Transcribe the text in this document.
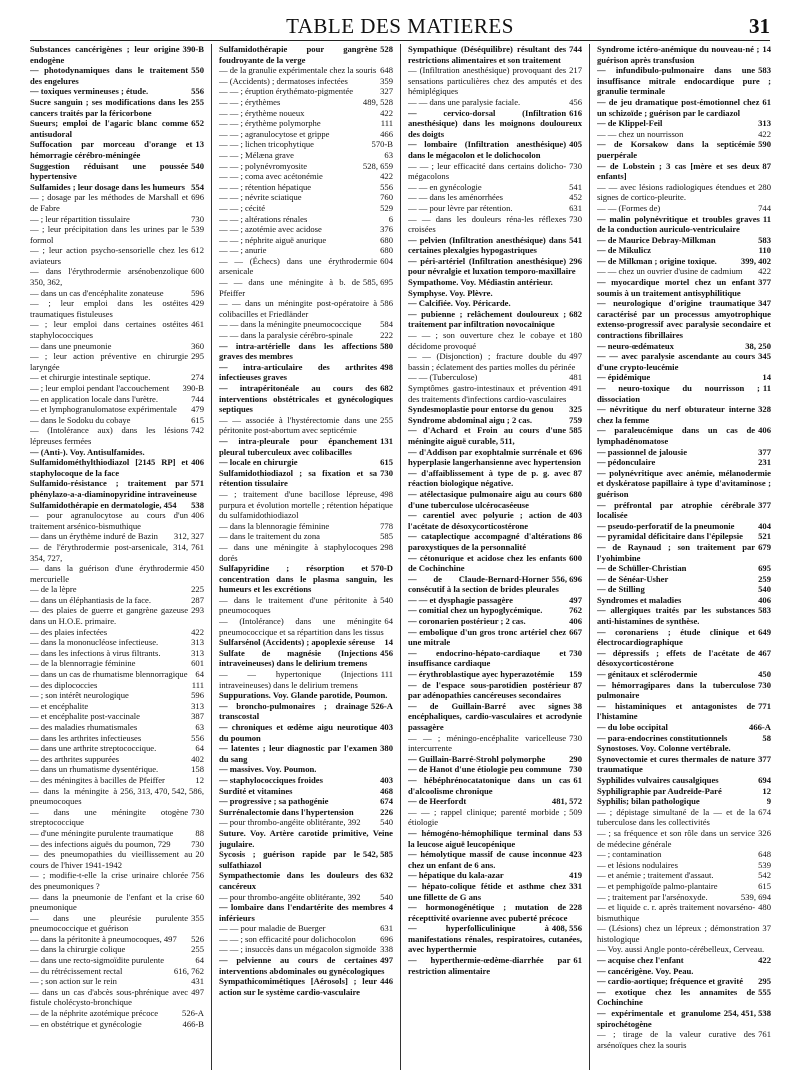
TABLE DES MATIERES	31
390-B
Substances cancérigènes ; leur origine endogène
550
— photodynamiques dans le traitement des engelures
556
— toxiques vermineuses ; étude.
255
Sucre sanguin ; ses modifications dans les cancers traités par la féricorbone
652
Sueurs; emploi de l'agaric blanc comme antisudoral
13
Suffocation par morceau d'orange et hémorragie cérébro-méningée
540
Suggestion réduisant une poussée hypertensive
554
Sulfamides ; leur dosage dans les humeurs
696
— ; dosage par les méthodes de Marshall et de Fabre
730
— ; leur répartition tissulaire
539
— ; leur précipitation dans les urines par le formol
612
— ; leur action psycho-sensorielle chez les aviateurs
600
— dans l'érythrodermie arsénobenzolique 350, 362,
596
— dans un cas d'encéphalite zonateuse
429
— ; leur emploi dans les ostéites traumatiques fistuleuses
461
— ; leur emploi dans certaines ostéites staphylococciques
360
— dans une pneumonie
295
— ; leur action préventive en chirurgie laryngée
274
— et chirurgie intestinale septique.
390-B
— ; leur emploi pendant l'accouchement
744
— en application locale dans l'urètre.
479
— et lymphogranulomatose expérimentale
615
— dans le Sodoku du cobaye
742
— (Intolérance aux) dans les lésions lépreuses fermées
— (Anti-). Voy. Antisulfamides.
406
Sulfamidométhylthiodiazol [2145 RP] et staphylocoque de la face
571
Sulfamido-résistance ; traitement par phénylazo-a-a-diaminopyridine intraveineuse
538
Sulfamidothérapie en dermatologie, 454
406
— pour agranulocytose au cours d'un traitement arsénico-bismuthique
312, 327
— dans un érythème induré de Bazin
761
— de l'érythrodermie post-arsenicale, 314, 354, 727,
450
— dans la guérison d'une érythrodermie mercurielle
225
— de la lèpre
287
— dans un éléphantiasis de la face.
293
— des plaies de guerre et gangrène gazeuse dans un H.O.E. primaire.
422
— des plaies infectées
313
— dans la mononucléose infectieuse.
313
— dans les infections à virus filtrants.
601
— de la blennorragie féminine
64
— dans un cas de rhumatisme blennorragique
111
— des diplococcies
596
— ; son intérêt neurologique
313
— et encéphalite
387
— et encéphalite post-vaccinale
63
— des maladies rhumatismales
556
— dans les arthrites infectieuses
64
— dans une arthrite streptococcique.
402
— des arthrites suppurées
158
— dans un rhumatisme dysentérique.
12
— des méningites à bacilles de Pfeiffer
256, 313, 470, 542, 586,
— dans la méningite à pneumocoques
730
— dans une méningite otogène streptococcique
88
— d'une méningite purulente traumatique
730
— des infections aiguës du poumon, 729
20
— des pneumopathies du vieillissement au cours de l'hiver 1941-1942
756
— ; modifie-t-elle la crise urinaire chlorée des pneumoniques ?
60
— dans la pneumonie de l'enfant et la crise pneumonique
355
— dans une pleurésie purulente pneumococcique et guérison
526
— dans la péritonite à pneumocoques, 497
255
— dans la chirurgie colique
64
— dans une recto-sigmoïdite purulente
616, 762
— du rétrécissement rectal
431
— ; son action sur le rein
497
— dans un cas d'abcès sous-phrénique avec fistule cholécysto-bronchique
526-A
— de la néphrite azotémique précoce
466-B
— en obstétrique et gynécologie
528
Sulfamidothérapie pour gangrène foudroyante de la verge
648
— de la granulie expérimentale chez la souris
359
— (Accidents) ; dermatoses infectées
327
— — ; éruption érythémato-pigmentée
489, 528
— — ; érythèmes
422
— — ; érythème noueux
111
— — ; érythème polymorphe
466
— — ; agranulocytose et grippe
570-B
— — ; lichen tricophytique
63
— — ; Mélæna grave
528, 659
— — ; polynévromyosite
422
— — ; coma avec acétonémie
556
— — ; rétention hépatique
760
— — ; névrite sciatique
529
— — ; cécité
6
— — ; altérations rénales
376
— — ; azotémie avec acidose
680
— — ; néphrite aiguë anurique
680
— — ; anurie
604
— — (Échecs) dans une érythrodermie arsenicale
585, 695
— — dans une méningite à b. de Pfeiffer
586
— — dans un méningite post-opératoire à colibacilles et Friedländer
584
— — dans la méningite pneumococcique
222
— — dans la paralysie cérébro-spinale
580
— intra-artérielle dans les affections graves des membres
498
— intra-articulaire des arthrites infectieuses graves
682
— intrapéritonéale au cours des interventions obstétricales et gynécologiques septiques
255
— — associée à l'hystérectomie dans une péritonite post-abortum avec septicémie
131
— intra-pleurale pour épanchement pleural tuberculeux avec colibacilles
615
— locale en chirurgie
730
Sulfamidothiodiazol ; sa fixation et sa rétention tissulaire
498
— ; traitement d'une bacillose lépreuse, purpura et évolution mortelle ; rétention hépatique du sulfamidothiodiazol
778
— dans la blennoragie féminine
585
— dans le traitement du zona
298
— dans une méningite à staphylocoques dorés
570-D
Sulfapyridine ; résorption et concentration dans le plasma sanguin, les humeurs et les excrétions
540
— dans le traitement d'une péritonite à pneumocoques
64
— (Intolérance) dans une méningite pneumococcique et sa répartition dans les tissus
14
Sulfarsénol (Accidents) ; apoplexie séreuse
456
Sulfate de magnésie (Injections intraveineuses) dans le delirium tremens
111
— — hypertonique (Injections intraveineuses) dans le delirium tremens
Suppurations. Voy. Glande parotide, Poumon.
526-A
— broncho-pulmonaires ; drainage transcostal
403
— chroniques et œdème aigu neurotique du poumon
380
— latentes ; leur diagnostic par l'examen du sang
— massives. Voy. Poumon.
403
— staphylococciques froides
468
Surdité et vitamines
674
— progressive ; sa pathogénie
226
Surrénalectomie dans l'hypertension
540
— pour thrombo-angéite oblitérante, 392
Suture. Voy. Artère carotide primitive, Veine jugulaire.
542, 585
Sycosis ; guérison rapide par le sulfathiazol
632
Sympathectomie dans les douleurs des cancéreux
540
— pour thrombo-angéite oblitérante, 392
4
— lombaire dans l'endartérite des membres inférieurs
631
— — pour maladie de Buerger
696
— — ; son efficacité pour dolichocolon
338
— — ; insuccès dans un mégacolon sigmoïde
497
— pelvienne au cours de certaines interventions abdominales ou gynécologiques
446
Sympathicomimétiques [Aérosols] ; leur action sur le système cardio-vasculaire
744
Sympathique (Déséquilibre) résultant des restrictions alimentaires et son traitement
217
— (Infiltration anesthésique) provoquant des sensations particulières chez des amputés et des hémiplégiques
456
— — dans une paralysie faciale.
616
— cervico-dorsal (Infiltration anesthésique) dans les moignons douloureux des doigts
405
— lombaire (Infiltration anesthésique) dans le mégacolon et le dolichocolon
730
— — ; leur efficacité dans certains dolicho-mégacolons
541
— — en gynécologie
452
— — dans les aménorrhées
631
— — pour lèvre par rétention.
730
— — dans les douleurs réna-les réflexes croisées
541
— pelvien (Infiltration anesthésique) dans certaines plexalgies hypogastriques
296
— péri-artériel (Infiltration anesthésique) pour névralgie et luxation temporo-maxillaire
Sympathome. Voy. Médiastin antérieur.
Symphyse. Voy. Plèvre.
— Calcifiée. Voy. Péricarde.
682
— pubienne ; relâchement douloureux ; traitement par infiltration novocaïnique
180
— — ; son ouverture chez le cobaye et décidome provoqué
497
— — (Disjonction) ; fracture double du bassin ; éclatement des parties molles du périnée
481
— — (Tuberculose)
491
Symptômes gastro-intestinaux et prévention des traitements d'infections cardio-vasculaires
325
Syndesmoplastie pour entorse du genou
759
Syndrome abdominal aigu ; 2 cas.
585
— d'Achard et Froin au cours d'une méningite aiguë curable, 511,
696
— d'Addison par exophtalmie surrénale et hyperplasie langerhansienne avec hypertension
87
— d'affaiblissement à type de p. g. avec réaction biologique négative.
680
— atélectasique pulmonaire aigu au cours d'une tuberculose ulcérocaséeuse
403
— carentiel avec polyurie ; action de l'acétate de désoxycorticostérone
86
— cataplectique accompagné d'altérations paroxystiques de la personnalité
600
— cétonurique et acidose chez les enfants de Cochinchine
556, 696
— de Claude-Bernard-Horner consécutif à la section de brides pleurales
497
— — et dysphagie passagère
762
— comitial chez un hypoglycémique.
406
— coronarien postérieur ; 2 cas.
667
— embolique d'un gros tronc artériel chez une mitrale
730
— endocrino-hépato-cardiaque et insuffisance cardiaque
159
— érythroblastique ayec hyperazotémie
87
— de l'espace sous-parotidien postérieur par adénopathies cancéreuses secondaires
38
— de Guillain-Barré avec signes encéphaliques, cardio-vasculaires et acrodynie passagère
730
— — ; méningo-encéphalite varicelleuse intercurrente
290
— Guillain-Barré-Strohl polymorphe
730
— de Hanot d'une étiologie peu commune
61
— hébéphrénocatatonique dans un cas d'alcoolisme chronique
481, 572
— de Heerfordt
509
— — ; rappel clinique; parenté morbide ; étiologie
53
— hémogéno-hémophilique terminal dans la leucose aiguë leucopénique
423
— hémolytique massif de cause inconnue chez un enfant de 6 ans.
419
— hépatique du kala-azar
331
— hépato-colique fétide et asthme chez une fillette de G ans
228
— hormonogénétique ; mutation de récepttivité ovarienne avec puberté précoce
408, 556
— hyperfolliculinique à manifestations rénales, respiratoires, cutanées, avec hyperthermie
61
— hyperthermie-œdème-diarrhée par restriction alimentaire
14
Syndrome ictéro-anémique du nouveau-né ; guérison après transfusion
583
— infundibulo-pulmonaire dans une insuffisance mitrale endocardique pure ; granulie terminale
61
— de jeu dramatique post-émotionnel chez un schizoïde ; guérison par le cardiazol
313
— de Klippel-Feil
422
— — chez un nourrisson
590
— de Korsakow dans la septicémie puerpérale
87
— de Lobstein ; 3 cas [mère et ses deux enfants]
280
— — avec lésions radiologiques étendues et signes de cortico-pleurite.
744
— — (Formes de)
11
— malin polynévritique et troubles graves de la conduction auriculo-ventriculaire
583
— de Maurice Debray-Milkman
110
— de Mikulicz
399, 402
— de Milkman ; origine toxique.
422
— — chez un ouvrier d'usine de cadmium
377
— myocardique mortel chez un enfant soumis à un traitement antisyphilitique
347
— neurologique d'origine traumatique caractérisé par un processus amyotrophique extenso-progressif avec paralysie secondaire et contractions fibrillaires
38, 250
— neuro-œdémateux
345
— — avec paralysie ascendante au cours d'une crypto-leucémie
14
— épidémique
11
— neuro-toxique du nourrisson ; dissociation
328
— névritique du nerf obturateur interne chez la femme
406
— paraleucémique dans un cas de lymphadénomatose
377
— passionnel de jalousie
231
— pédonculaire
— polynévritique avec anémie, mélanodermie et dyskératose papillaire à type d'avitaminose ; guérison
377
— préfrontal par atrophie cérébrale localisée
404
— pseudo-perforatif de la pneumonie
521
— pyramidal déficitaire dans l'épilepsie
679
— de Raynaud ; son traitement par l'yohimbine
695
— de Schüller-Christian
259
— de Sénéar-Usher
540
— de Stilling
406
Syndromes et maladies
583
— allergiques traités par les substances anti-histamines de synthèse.
649
— coronariens ; étude clinique et électrocardiographique
467
— dépressifs ; effets de l'acétate de désoxycorticostérone
450
— génitaux et sclérodermie
730
— hémorragipares dans la tuberculose pulmonaire
771
— histaminiques et antagonistes de l'histamine
466-A
— du lobe occipital
58
— para-endocrines constitutionnels
Synostoses. Voy. Colonne vertébrale.
377
Synovectomie et cures thermales de nature traumatique
694
Syphilides vulvaires causalgiques
12
Syphiligraphie par Audreïde-Paré
9
Syphilis; bilan pathologique
674
— ; dépistage simultané de la — et de la tuberculose dans les collectivités
326
— ; sa fréquence et son rôle dans un service de médecine générale
648
— ; contamination
539
— et lésions nodulaires
542
— et anémie ; traitement d'assaut.
615
— et pemphigoïde palmo-plantaire
539, 694
— ; traitement par l'arsénoxyde.
480
— et liquide c. r. après traitement novarséno-bismuthique
37
— (Lésions) chez un lépreux ; démonstration histologique
— Voy. aussi Angle ponto-cérébelleux, Cerveau.
422
— acquise chez l'enfant
— cancérigène. Voy. Peau.
295
— cardio-aortique; fréquence et gravité
555
— exotique chez les annamites de Cochinchine
254, 451, 538
— expérimentale et granulome spirochétogène
761
— ; tirage de la valeur curative des arsénoïques chez la souris
